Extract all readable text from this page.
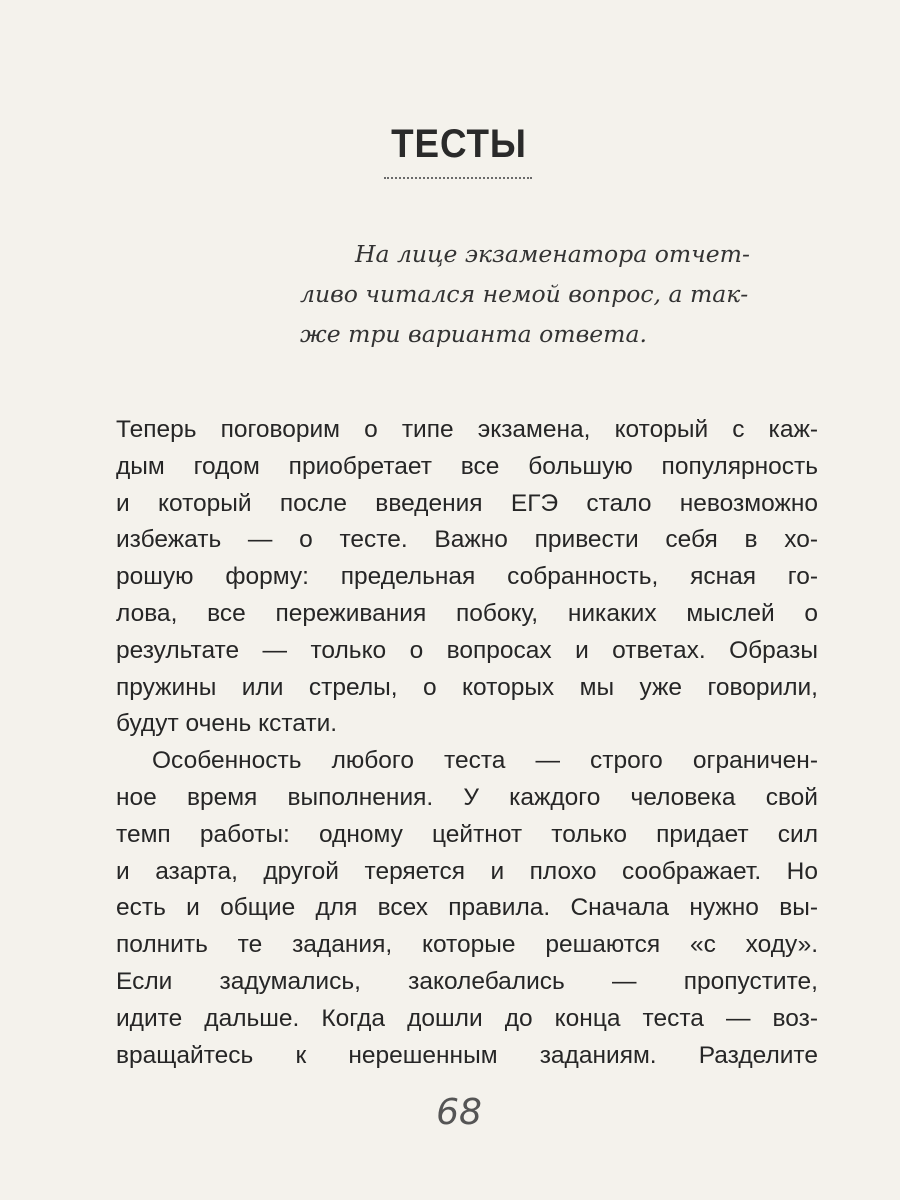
ТЕСТЫ
На лице экзаменатора отчет-
ливо читался немой вопрос, а так-
же три варианта ответа.
Теперь поговорим о типе экзамена, который с каж-
дым годом приобретает все большую популярность
и который после введения ЕГЭ стало невозможно
избежать — о тесте. Важно привести себя в хо-
рошую форму: предельная собранность, ясная го-
лова, все переживания побоку, никаких мыслей о
результате — только о вопросах и ответах. Образы
пружины или стрелы, о которых мы уже говорили,
будут очень кстати.
Особенность любого теста — строго ограничен-
ное время выполнения. У каждого человека свой
темп работы: одному цейтнот только придает сил
и азарта, другой теряется и плохо соображает. Но
есть и общие для всех правила. Сначала нужно вы-
полнить те задания, которые решаются «с ходу».
Если задумались, заколебались — пропустите,
идите дальше. Когда дошли до конца теста — воз-
вращайтесь к нерешенным заданиям. Разделите
68
